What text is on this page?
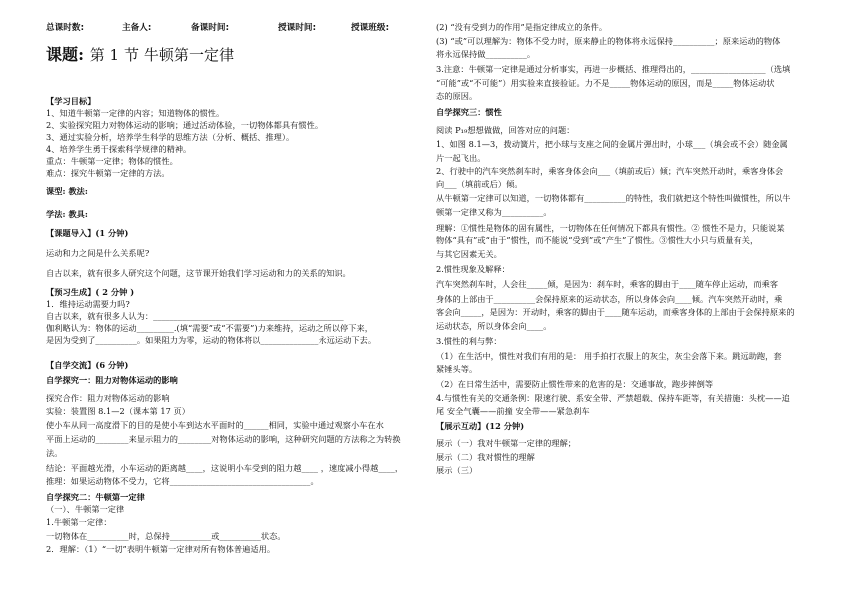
总课时数:	主备人:	备课时间:	授课时间:	授课班级:
课题: 第 1 节 牛顿第一定律
【学习目标】
1、知道牛顿第一定律的内容；知道物体的惯性。
2、实验探究阻力对物体运动的影响；通过活动体验，一切物体都具有惯性。
3、通过实验分析，培养学生科学的思维方法（分析、概括、推理）。
4、培养学生勇于探索科学规律的精神。
重点：牛顿第一定律；物体的惯性。
难点：探究牛顿第一定律的方法。
课型: 教法:
学法: 教具:
【课题导入】(1 分钟)
运动和力之间是什么关系呢?
自古以来，就有很多人研究这个问题，这节课开始我们学习运动和力的关系的知识。
【预习生成】( 2 分钟 )
1．维持运动需要力吗?
自古以来，就有很多人认为：______________________________________________
伽利略认为：物体的运动_________.(填“需要”或“不需要”)力来维持，运动之所以停下来，
是因为受到了__________。如果阻力为零，运动的物体将以______________永远运动下去。
【自学交流】(6 分钟)
自学探究一：阻力对物体运动的影响
探究合作：阻力对物体运动的影响
实验：装置图 8.1—2（课本第 17 页）
使小车从同一高度滑下的目的是使小车到达水平面时的______相同，实验中通过观察小车在水
平面上运动的________来显示阻力的________对物体运动的影响，这种研究问题的方法称之为转换
法。
结论：平面越光滑，小车运动的距离越____，这说明小车受到的阻力越____ ，速度减小得越____，
推理：如果运动物体不受力，它将__________________________________。
自学探究二：牛顿第一定律
（一）、牛顿第一定律
1.牛顿第一定律：
一切物体在__________时，总保持__________或__________状态。
2．理解：（1）“一切”表明牛顿第一定律对所有物体普遍适用。
(2) “没有受到力的作用”是指定律成立的条件。
(3) “或”可以理解为：物体不受力时，原来静止的物体将永远保持__________；原来运动的物体
将永远保持做__________。
3.注意：牛顿第一定律是通过分析事实，再进一步概括、推理得出的，__________________（选填
“可能”或“不可能”）用实验来直接验证。力不是_____物体运动的原因，而是_____物体运动状
态的原因。
自学探究三：惯性
阅读 P₁₉想想做做，回答对应的问题：
1、如图 8.1—3，拨动簧片，把小球与支座之间的金属片弹出时，小球___（填会或不会）随金属
片一起飞出。
2、行驶中的汽车突然刹车时，乘客身体会向___（填前或后）倾；汽车突然开动时，乘客身体会
向___（填前或后）倾。
从牛顿第一定律可以知道，一切物体都有__________的特性，我们就把这个特性叫做惯性，所以牛
顿第一定律又称为__________。
理解：①惯性是物体的固有属性，一切物体在任何情况下都具有惯性。② 惯性不是力，只能说某
物体“具有”或“由于”惯性，而不能说“受到”或“产生”了惯性。③惯性大小只与质量有关，
与其它因素无关。
2.惯性现象及解释：
汽车突然刹车时，人会往_____倾，是因为：刹车时，乘客的脚由于____随车停止运动，而乘客
身体的上部由于__________会保持原来的运动状态，所以身体会向____倾。汽车突然开动时，乘
客会向_____，是因为：开动时，乘客的脚由于____随车运动，而乘客身体的上部由于会保持原来的
运动状态，所以身体会向____。
3.惯性的利与弊：
（1）在生活中，惯性对我们有用的是： 用手拍打衣服上的灰尘，灰尘会落下来。跳远助跑，套
紧锤头等。
（2）在日常生活中，需要防止惯性带来的危害的是：交通事故，跑步摔倒等
4.与惯性有关的交通条例：限速行驶、系安全带、严禁超载、保持车距等，有关措施：头枕——追
尾 安全气囊——前撞 安全带——紧急刹车
【展示互动】(12 分钟)
展示（一）我对牛顿第一定律的理解；
展示（二）我对惯性的理解
展示（三）
